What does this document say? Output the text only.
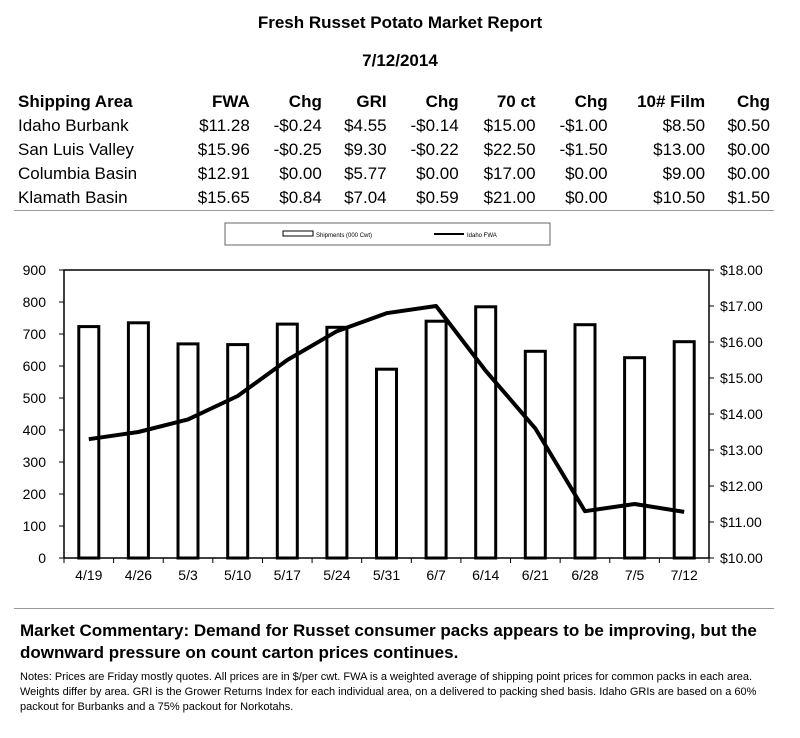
Fresh Russet Potato Market Report
7/12/2014
Shipping Area	FWA	Chg	GRI	Chg	70 ct	Chg	10# Film	Chg
Idaho Burbank	$11.28	-$0.24	$4.55	-$0.14	$15.00	-$1.00	$8.50	$0.50
San Luis Valley	$15.96	-$0.25	$9.30	-$0.22	$22.50	-$1.50	$13.00	$0.00
Columbia Basin	$12.91	$0.00	$5.77	$0.00	$17.00	$0.00	$9.00	$0.00
Klamath Basin	$15.65	$0.84	$7.04	$0.59	$21.00	$0.00	$10.50	$1.50
Shipments (000 Cwt)	Idaho FWA
0
100
200
300
400
500
600
700
800
900
$10.00
$11.00
$12.00
$13.00
$14.00
$15.00
$16.00
$17.00
$18.00
4/19 4/26 5/3 5/10 5/17 5/24 5/31 6/7 6/14 6/21 6/28 7/5 7/12
Market Commentary: Demand for Russet consumer packs appears to be improving, but the downward pressure on count carton prices continues.
Notes: Prices are Friday mostly quotes. All prices are in $/per cwt. FWA is a weighted average of shipping point prices for common packs in each area. Weights differ by area. GRI is the Grower Returns Index for each individual area, on a delivered to packing shed basis. Idaho GRIs are based on a 60% packout for Burbanks and a 75% packout for Norkotahs.
